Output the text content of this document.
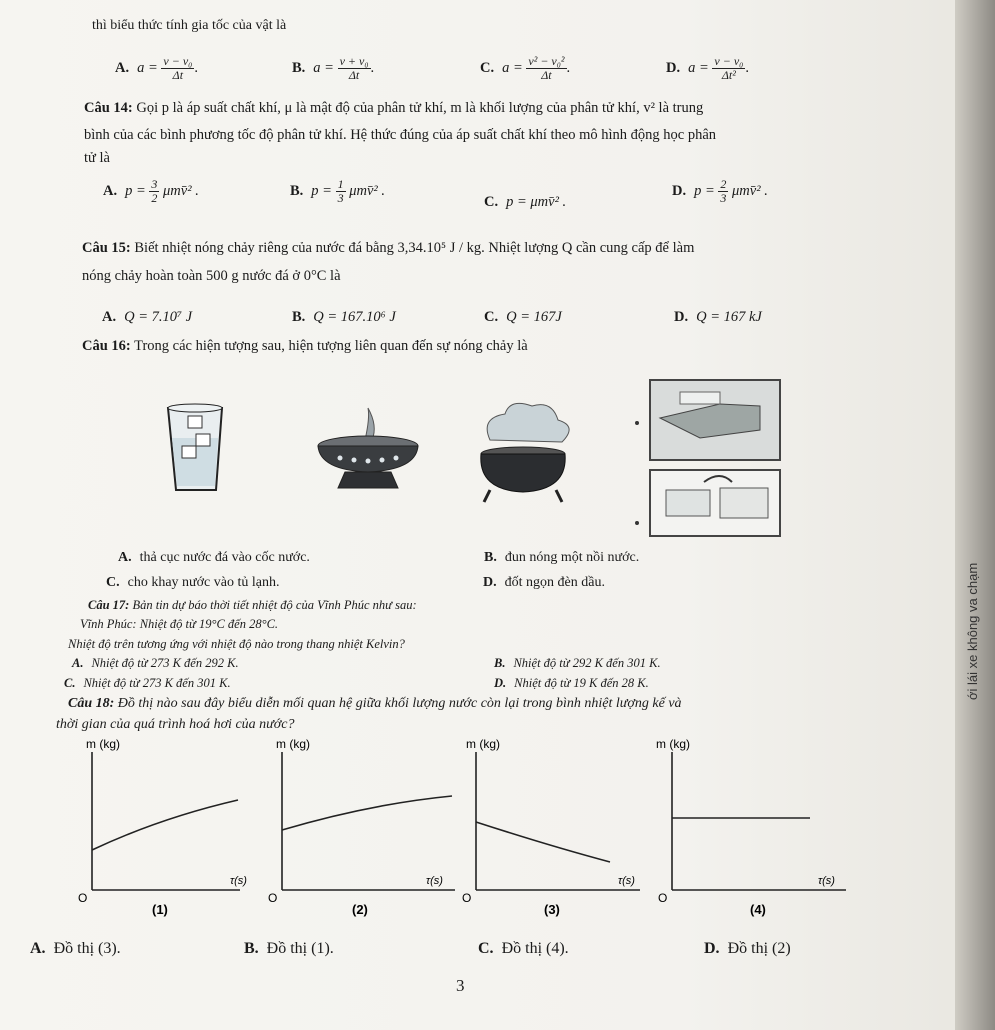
ới lái xe không va chạm
thì biểu thức tính gia tốc của vật là
A. $a = \frac{\text{v − v₀}}{\Delta t}$ .	B. $a = \frac{\text{v + v₀}}{\Delta t}$ .	C. $a = \frac{\text{v² − v₀²}}{\Delta t}$ .	D. $a = \frac{\text{v − v₀}}{\text{Δt²}}$ .
Câu 14: Gọi p là áp suất chất khí, μ là mật độ của phân tử khí, m là khối lượng của phân tử khí, v² là trung
bình của các bình phương tốc độ phân tử khí. Hệ thức đúng của áp suất chất khí theo mô hình động học phân
tử là
A. $p = \frac{3}{2}$ μmv̄² .	B. $p = \frac{1}{3}$ μmv̄² .
C. p = μmv̄² .
D. $p = \frac{2}{3}$ μmv̄² .
Câu 15: Biết nhiệt nóng chảy riêng của nước đá bằng 3,34.10⁵ J / kg. Nhiệt lượng Q cần cung cấp để làm
nóng chảy hoàn toàn 500 g nước đá ở 0°C là
A. Q = 7.10⁷ J	B. Q = 167.10⁶ J	C. Q = 167J	D. Q = 167 kJ
Câu 16: Trong các hiện tượng sau, hiện tượng liên quan đến sự nóng chảy là
A. thả cục nước đá vào cốc nước.	B. đun nóng một nồi nước.
C. cho khay nước vào tủ lạnh.	D. đốt ngọn đèn dầu.
Câu 17: Bản tin dự báo thời tiết nhiệt độ của Vĩnh Phúc như sau:
Vĩnh Phúc: Nhiệt độ từ 19°C đến 28°C.
Nhiệt độ trên tương ứng với nhiệt độ nào trong thang nhiệt Kelvin?
A. Nhiệt độ từ 273 K đến 292 K.	B. Nhiệt độ từ 292 K đến 301 K.
C. Nhiệt độ từ 273 K đến 301 K.	D. Nhiệt độ từ 19 K đến 28 K.
Câu 18: Đồ thị nào sau đây biểu diễn mối quan hệ giữa khối lượng nước còn lại trong bình nhiệt lượng kế và
thời gian của quá trình hoá hơi của nước?
m (kg)
τ(s)
O
(1)
m (kg)
τ(s)
O
(2)
m (kg)
τ(s)
O
(3)
m (kg)
τ(s)
O
(4)
A. Đồ thị (3).	B. Đồ thị (1).	C. Đồ thị (4).	D. Đồ thị (2)
3
